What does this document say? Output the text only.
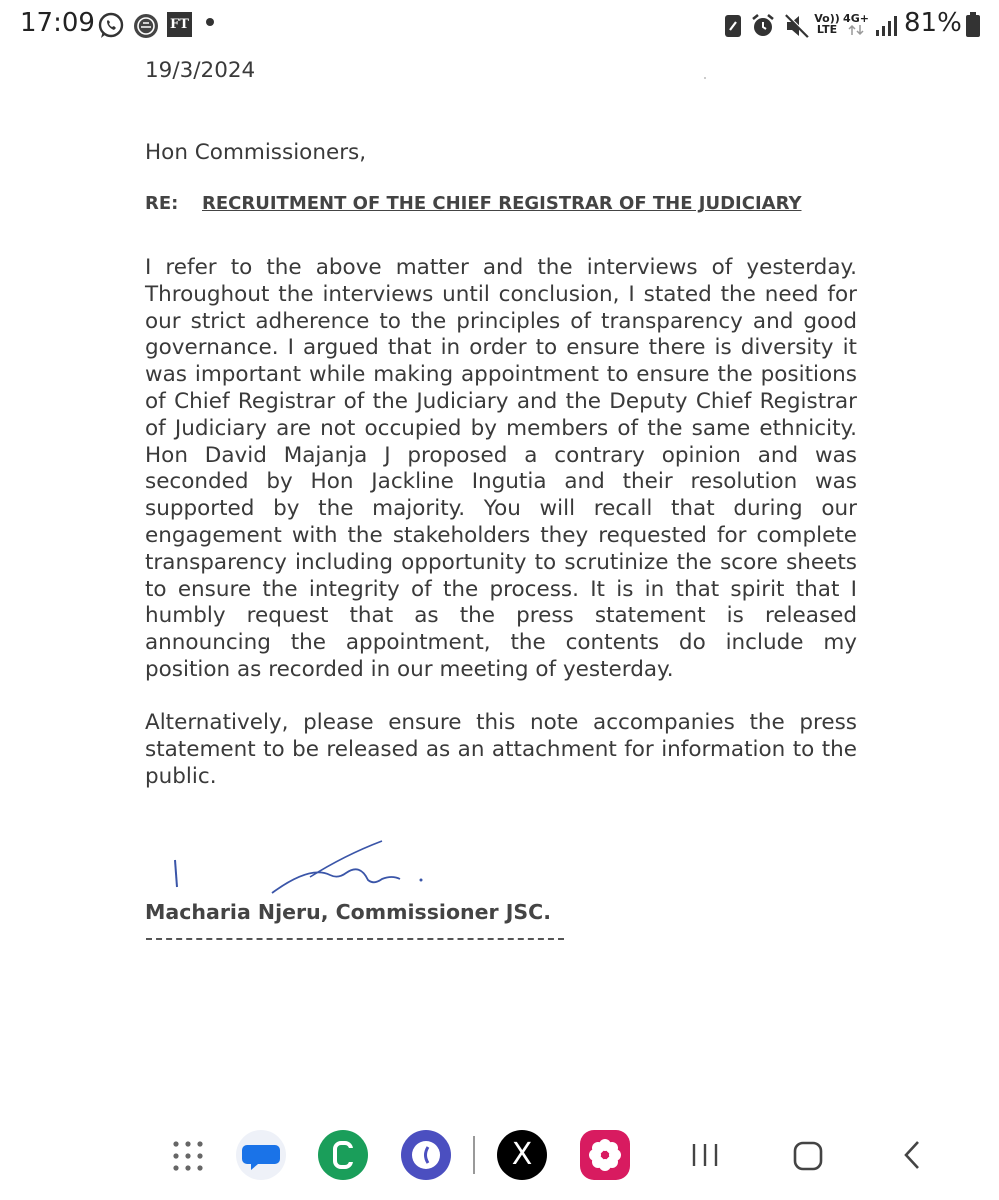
17:09	FT	Vo))
LTE
4G+ 81%
19/3/2024
Hon Commissioners,
RE: RECRUITMENT OF THE CHIEF REGISTRAR OF THE JUDICIARY

I refer to the above matter and the interviews of yesterday. Throughout the interviews until conclusion, I stated the need for our strict adherence to the principles of transparency and good governance. I argued that in order to ensure there is diversity it was important while making appointment to ensure the positions of Chief Registrar of the Judiciary and the Deputy Chief Registrar of Judiciary are not occupied by members of the same ethnicity. Hon David Majanja J proposed a contrary opinion and was seconded by Hon Jackline Ingutia and their resolution was supported by the majority. You will recall that during our engagement with the stakeholders they requested for complete transparency including opportunity to scrutinize the score sheets to ensure the integrity of the process. It is in that spirit that I humbly request that as the press statement is released announcing the appointment, the contents do include my position as recorded in our meeting of yesterday.

Alternatively, please ensure this note accompanies the press statement to be released as an attachment for information to the public.

Macharia Njeru, Commissioner JSC.
X
